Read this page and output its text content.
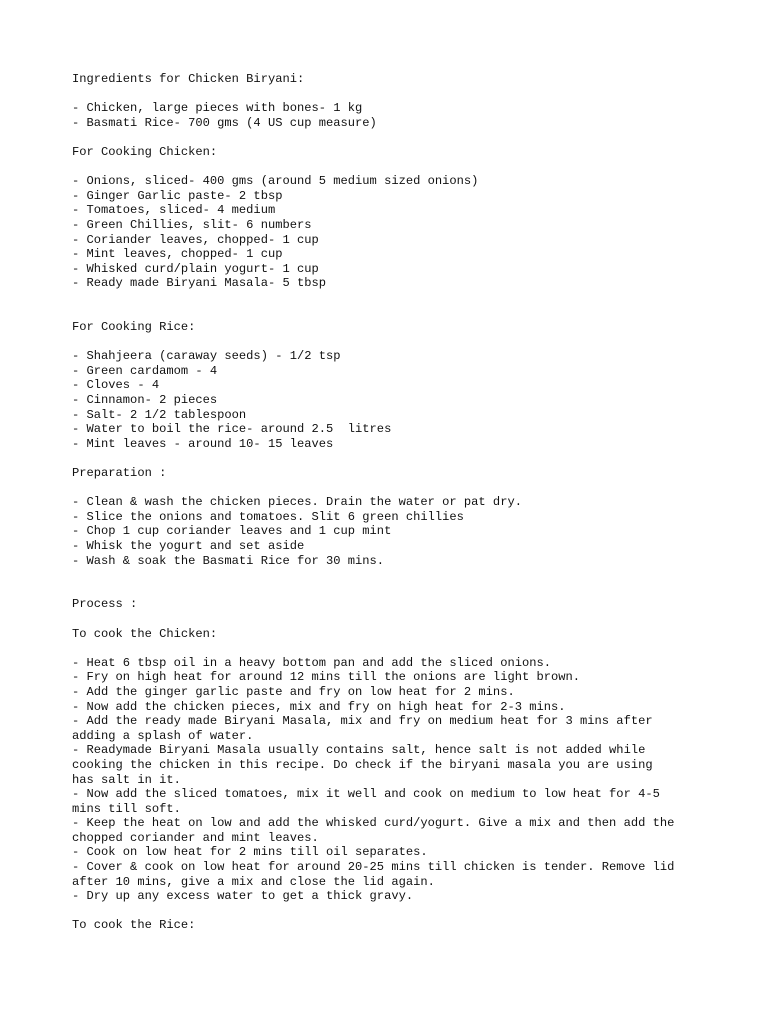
Ingredients for Chicken Biryani:
- Chicken, large pieces with bones- 1 kg
- Basmati Rice- 700 gms (4 US cup measure)
For Cooking Chicken:
- Onions, sliced- 400 gms (around 5 medium sized onions)
- Ginger Garlic paste- 2 tbsp
- Tomatoes, sliced- 4 medium
- Green Chillies, slit- 6 numbers
- Coriander leaves, chopped- 1 cup
- Mint leaves, chopped- 1 cup
- Whisked curd/plain yogurt- 1 cup
- Ready made Biryani Masala- 5 tbsp
For Cooking Rice:
- Shahjeera (caraway seeds) - 1/2 tsp
- Green cardamom - 4
- Cloves - 4
- Cinnamon- 2 pieces
- Salt- 2 1/2 tablespoon
- Water to boil the rice- around 2.5  litres
- Mint leaves - around 10- 15 leaves
Preparation :
- Clean & wash the chicken pieces. Drain the water or pat dry.
- Slice the onions and tomatoes. Slit 6 green chillies
- Chop 1 cup coriander leaves and 1 cup mint
- Whisk the yogurt and set aside
- Wash & soak the Basmati Rice for 30 mins.
Process :
To cook the Chicken:
- Heat 6 tbsp oil in a heavy bottom pan and add the sliced onions.
- Fry on high heat for around 12 mins till the onions are light brown.
- Add the ginger garlic paste and fry on low heat for 2 mins.
- Now add the chicken pieces, mix and fry on high heat for 2-3 mins.
- Add the ready made Biryani Masala, mix and fry on medium heat for 3 mins after
adding a splash of water.
- Readymade Biryani Masala usually contains salt, hence salt is not added while
cooking the chicken in this recipe. Do check if the biryani masala you are using
has salt in it.
- Now add the sliced tomatoes, mix it well and cook on medium to low heat for 4-5
mins till soft.
- Keep the heat on low and add the whisked curd/yogurt. Give a mix and then add the
chopped coriander and mint leaves.
- Cook on low heat for 2 mins till oil separates.
- Cover & cook on low heat for around 20-25 mins till chicken is tender. Remove lid
after 10 mins, give a mix and close the lid again.
- Dry up any excess water to get a thick gravy.
To cook the Rice:
